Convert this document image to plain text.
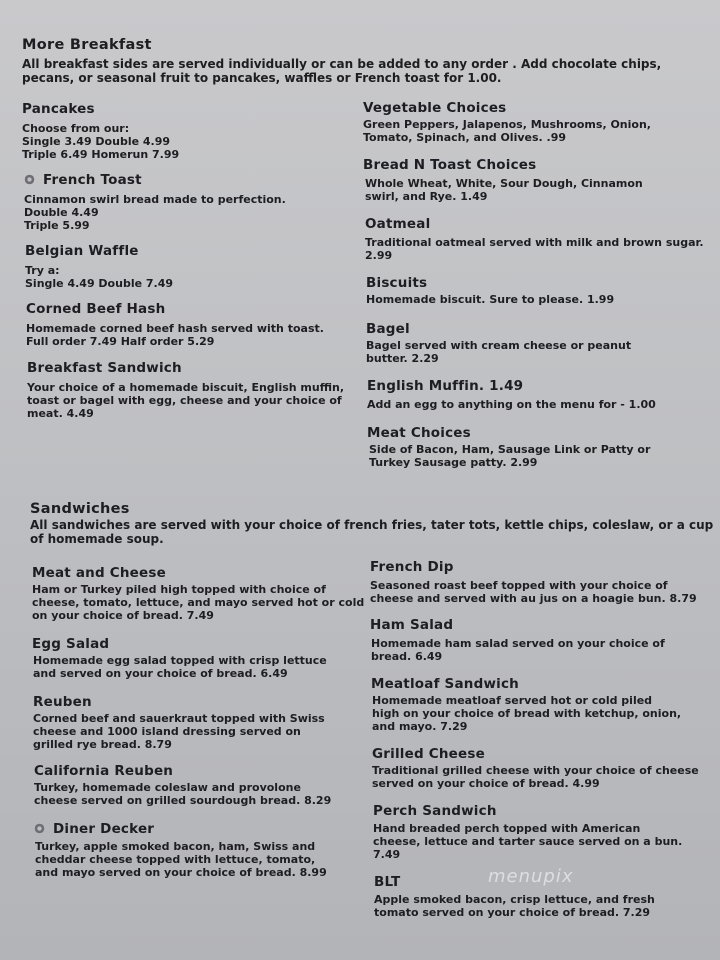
More Breakfast
All breakfast sides are served individually or can be added to any order . Add chocolate chips,
pecans, or seasonal fruit to pancakes, waffles or French toast for 1.00.
Pancakes
Choose from our:
Single 3.49 Double 4.99
Triple 6.49 Homerun 7.99
French Toast
Cinnamon swirl bread made to perfection.
Double 4.49
Triple 5.99
Belgian Waffle
Try a:
Single 4.49 Double 7.49
Corned Beef Hash
Homemade corned beef hash served with toast.
Full order 7.49 Half order 5.29
Breakfast Sandwich
Your choice of a homemade biscuit, English muffin,
toast or bagel with egg, cheese and your choice of
meat. 4.49
Vegetable Choices
Green Peppers, Jalapenos, Mushrooms, Onion,
Tomato, Spinach, and Olives. .99
Bread N Toast Choices
Whole Wheat, White, Sour Dough, Cinnamon
swirl, and Rye. 1.49
Oatmeal
Traditional oatmeal served with milk and brown sugar.
2.99
Biscuits
Homemade biscuit. Sure to please. 1.99
Bagel
Bagel served with cream cheese or peanut
butter. 2.29
English Muffin. 1.49
Add an egg to anything on the menu for - 1.00
Meat Choices
Side of Bacon, Ham, Sausage Link or Patty or
Turkey Sausage patty. 2.99
Sandwiches
All sandwiches are served with your choice of french fries, tater tots, kettle chips, coleslaw, or a cup
of homemade soup.
Meat and Cheese
Ham or Turkey piled high topped with choice of
cheese, tomato, lettuce, and mayo served hot or cold
on your choice of bread. 7.49
Egg Salad
Homemade egg salad topped with crisp lettuce
and served on your choice of bread. 6.49
Reuben
Corned beef and sauerkraut topped with Swiss
cheese and 1000 island dressing served on
grilled rye bread. 8.79
California Reuben
Turkey, homemade coleslaw and provolone
cheese served on grilled sourdough bread. 8.29
Diner Decker
Turkey, apple smoked bacon, ham, Swiss and
cheddar cheese topped with lettuce, tomato,
and mayo served on your choice of bread. 8.99
French Dip
Seasoned roast beef topped with your choice of
cheese and served with au jus on a hoagie bun. 8.79
Ham Salad
Homemade ham salad served on your choice of
bread. 6.49
Meatloaf Sandwich
Homemade meatloaf served hot or cold piled
high on your choice of bread with ketchup, onion,
and mayo. 7.29
Grilled Cheese
Traditional grilled cheese with your choice of cheese
served on your choice of bread. 4.99
Perch Sandwich
Hand breaded perch topped with American
cheese, lettuce and tarter sauce served on a bun.
7.49
BLT
Apple smoked bacon, crisp lettuce, and fresh
tomato served on your choice of bread. 7.29
menupix
